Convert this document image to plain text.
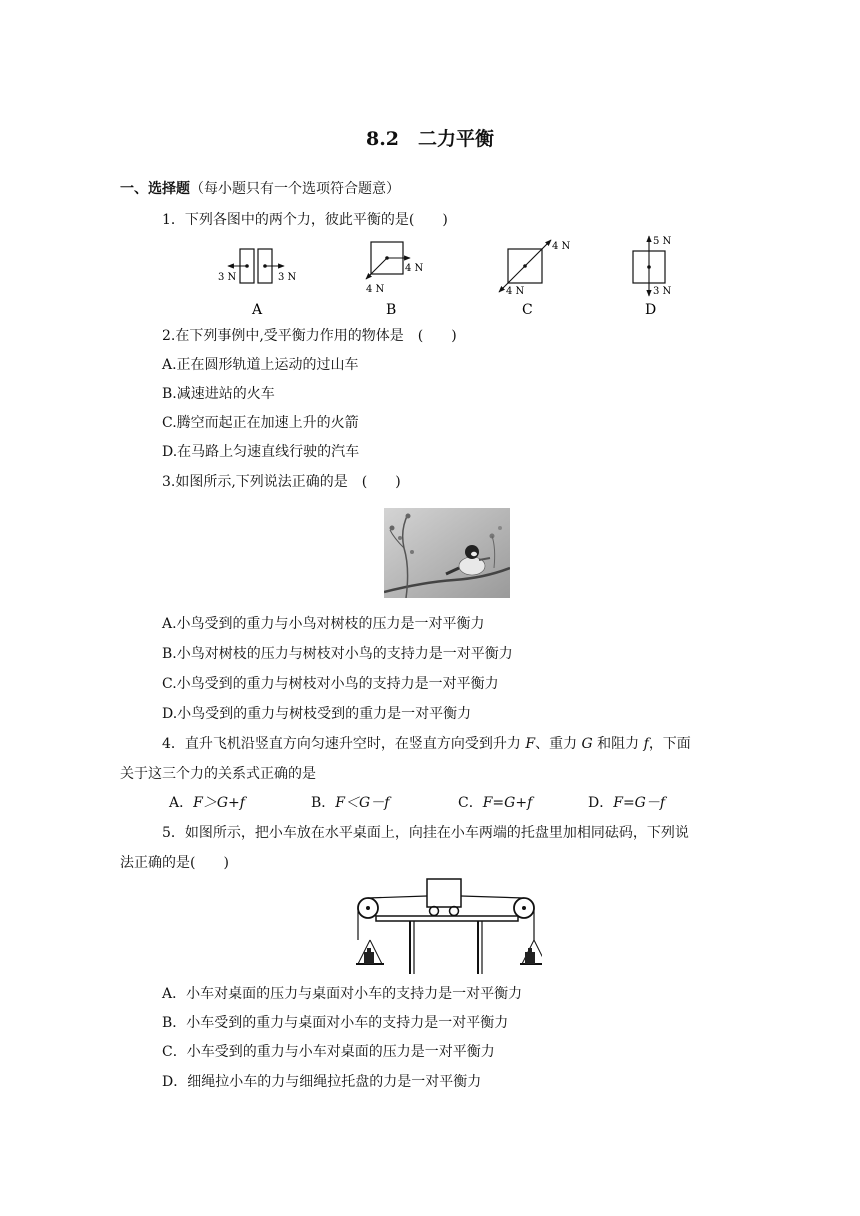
8.2　二力平衡
一、选择题（每小题只有一个选项符合题意）
1．下列各图中的两个力，彼此平衡的是(　　)
3 N	3 N
A
4 N
4 N
B
4 N
4 N
C
5 N
3 N
D
2.在下列事例中,受平衡力作用的物体是　(　　)
A.正在圆形轨道上运动的过山车
B.减速进站的火车
C.腾空而起正在加速上升的火箭
D.在马路上匀速直线行驶的汽车
3.如图所示,下列说法正确的是　(　　)
A.小鸟受到的重力与小鸟对树枝的压力是一对平衡力
B.小鸟对树枝的压力与树枝对小鸟的支持力是一对平衡力
C.小鸟受到的重力与树枝对小鸟的支持力是一对平衡力
D.小鸟受到的重力与树枝受到的重力是一对平衡力
4．直升飞机沿竖直方向匀速升空时，在竖直方向受到升力 F、重力 G 和阻力 f，下面
关于这三个力的关系式正确的是
A．F＞G+f	B．F＜G－f	C．F=G+f	D．F=G－f
5．如图所示，把小车放在水平桌面上，向挂在小车两端的托盘里加相同砝码，下列说
法正确的是(　　)
A．小车对桌面的压力与桌面对小车的支持力是一对平衡力
B．小车受到的重力与桌面对小车的支持力是一对平衡力
C．小车受到的重力与小车对桌面的压力是一对平衡力
D．细绳拉小车的力与细绳拉托盘的力是一对平衡力
